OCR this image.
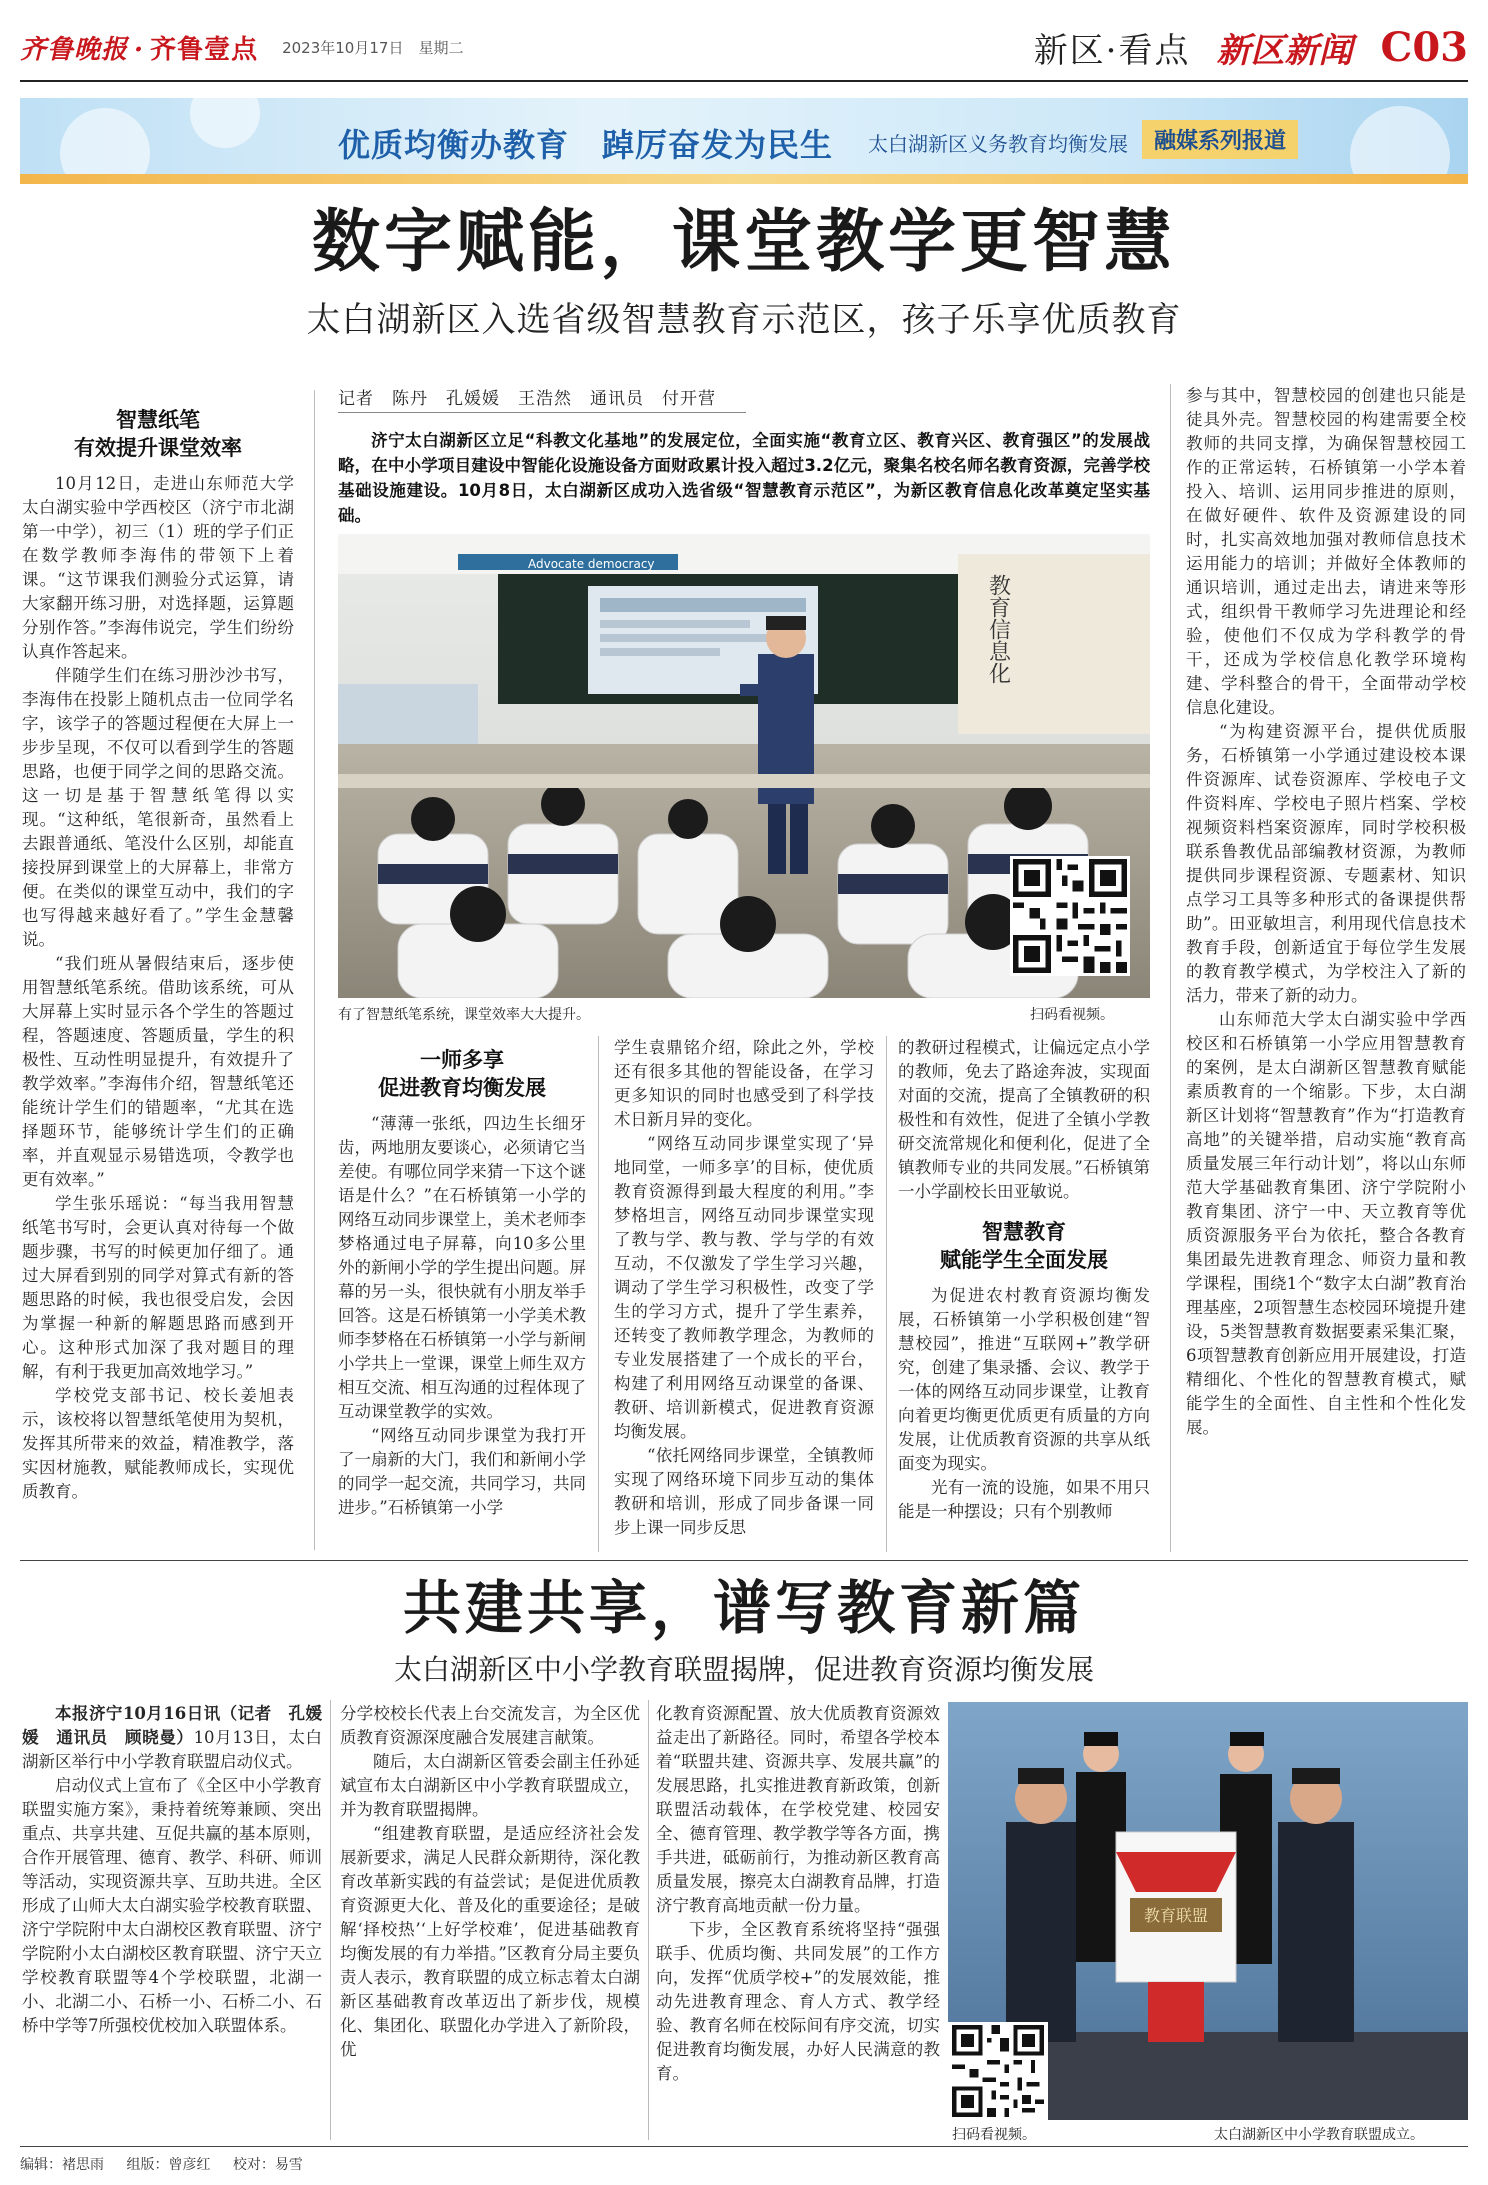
齐鲁晚报 · 齐鲁壹点 2023年10月17日　星期二	新区·看点 新区新闻 C03
优质均衡办教育　踔厉奋发为民生 太白湖新区义务教育均衡发展	融媒系列报道
数字赋能，课堂教学更智慧
太白湖新区入选省级智慧教育示范区，孩子乐享优质教育
智慧纸笔
有效提升课堂效率

10月12日，走进山东师范大学太白湖实验中学西校区（济宁市北湖第一中学），初三（1）班的学子们正在数学教师李海伟的带领下上着课。“这节课我们测验分式运算，请大家翻开练习册，对选择题，运算题分别作答。”李海伟说完，学生们纷纷认真作答起来。

伴随学生们在练习册沙沙书写，李海伟在投影上随机点击一位同学名字，该学子的答题过程便在大屏上一步步呈现，不仅可以看到学生的答题思路，也便于同学之间的思路交流。这一切是基于智慧纸笔得以实现。“这种纸，笔很新奇，虽然看上去跟普通纸、笔没什么区别，却能直接投屏到课堂上的大屏幕上，非常方便。在类似的课堂互动中，我们的字也写得越来越好看了。”学生金慧馨说。

“我们班从暑假结束后，逐步使用智慧纸笔系统。借助该系统，可从大屏幕上实时显示各个学生的答题过程，答题速度、答题质量，学生的积极性、互动性明显提升，有效提升了教学效率。”李海伟介绍，智慧纸笔还能统计学生们的错题率，“尤其在选择题环节，能够统计学生们的正确率，并直观显示易错选项，令教学也更有效率。”

学生张乐瑶说：“每当我用智慧纸笔书写时，会更认真对待每一个做题步骤，书写的时候更加仔细了。通过大屏看到别的同学对算式有新的答题思路的时候，我也很受启发，会因为掌握一种新的解题思路而感到开心。这种形式加深了我对题目的理解，有利于我更加高效地学习。”

学校党支部书记、校长姜旭表示，该校将以智慧纸笔使用为契机，发挥其所带来的效益，精准教学，落实因材施教，赋能教师成长，实现优质教育。

记者　陈丹　孔媛媛　王浩然　通讯员　付开营
济宁太白湖新区立足“科教文化基地”的发展定位，全面实施“教育立区、教育兴区、教育强区”的发展战略，在中小学项目建设中智能化设施设备方面财政累计投入超过3.2亿元，聚集名校名师名教育资源，完善学校基础设施建设。10月8日，太白湖新区成功入选省级“智慧教育示范区”，为新区教育信息化改革奠定坚实基础。
教育信息化
Advocate democracy
有了智慧纸笔系统，课堂效率大大提升。	扫码看视频。
一师多享
促进教育均衡发展

“薄薄一张纸，四边生长细牙齿，两地朋友要谈心，必须请它当差使。有哪位同学来猜一下这个谜语是什么？”在石桥镇第一小学的网络互动同步课堂上，美术老师李梦格通过电子屏幕，向10多公里外的新闸小学的学生提出问题。屏幕的另一头，很快就有小朋友举手回答。这是石桥镇第一小学美术教师李梦格在石桥镇第一小学与新闸小学共上一堂课，课堂上师生双方相互交流、相互沟通的过程体现了互动课堂教学的实效。

“网络互动同步课堂为我打开了一扇新的大门，我们和新闸小学的同学一起交流，共同学习，共同进步。”石桥镇第一小学

学生袁鼎铭介绍，除此之外，学校还有很多其他的智能设备，在学习更多知识的同时也感受到了科学技术日新月异的变化。

“网络互动同步课堂实现了‘异地同堂，一师多享’的目标，使优质教育资源得到最大程度的利用。”李梦格坦言，网络互动同步课堂实现了教与学、教与教、学与学的有效互动，不仅激发了学生学习兴趣，调动了学生学习积极性，改变了学生的学习方式，提升了学生素养，还转变了教师教学理念，为教师的专业发展搭建了一个成长的平台，构建了利用网络互动课堂的备课、教研、培训新模式，促进教育资源均衡发展。

“依托网络同步课堂，全镇教师实现了网络环境下同步互动的集体教研和培训，形成了同步备课一同步上课一同步反思

的教研过程模式，让偏远定点小学的教师，免去了路途奔波，实现面对面的交流，提高了全镇教研的积极性和有效性，促进了全镇小学教研交流常规化和便利化，促进了全镇教师专业的共同发展。”石桥镇第一小学副校长田亚敏说。

智慧教育
赋能学生全面发展

为促进农村教育资源均衡发展，石桥镇第一小学积极创建“智慧校园”，推进“互联网+”教学研究，创建了集录播、会议、教学于一体的网络互动同步课堂，让教育向着更均衡更优质更有质量的方向发展，让优质教育资源的共享从纸面变为现实。

光有一流的设施，如果不用只能是一种摆设；只有个别教师

参与其中，智慧校园的创建也只能是徒具外壳。智慧校园的构建需要全校教师的共同支撑，为确保智慧校园工作的正常运转，石桥镇第一小学本着投入、培训、运用同步推进的原则，在做好硬件、软件及资源建设的同时，扎实高效地加强对教师信息技术运用能力的培训；并做好全体教师的通识培训，通过走出去，请进来等形式，组织骨干教师学习先进理论和经验，使他们不仅成为学科教学的骨干，还成为学校信息化教学环境构建、学科整合的骨干，全面带动学校信息化建设。

“为构建资源平台，提供优质服务，石桥镇第一小学通过建设校本课件资源库、试卷资源库、学校电子文件资料库、学校电子照片档案、学校视频资料档案资源库，同时学校积极联系鲁教优品部编教材资源，为教师提供同步课程资源、专题素材、知识点学习工具等多种形式的备课提供帮助”。田亚敏坦言，利用现代信息技术教育手段，创新适宜于每位学生发展的教育教学模式，为学校注入了新的活力，带来了新的动力。

山东师范大学太白湖实验中学西校区和石桥镇第一小学应用智慧教育的案例，是太白湖新区智慧教育赋能素质教育的一个缩影。下步，太白湖新区计划将“智慧教育”作为“打造教育高地”的关键举措，启动实施“教育高质量发展三年行动计划”，将以山东师范大学基础教育集团、济宁学院附小教育集团、济宁一中、天立教育等优质资源服务平台为依托，整合各教育集团最先进教育理念、师资力量和教学课程，围绕1个“数字太白湖”教育治理基座，2项智慧生态校园环境提升建设，5类智慧教育数据要素采集汇聚，6项智慧教育创新应用开展建设，打造精细化、个性化的智慧教育模式，赋能学生的全面性、自主性和个性化发展。

共建共享，谱写教育新篇
太白湖新区中小学教育联盟揭牌，促进教育资源均衡发展

本报济宁10月16日讯（记者　孔媛媛　通讯员　顾晓曼）10月13日，太白湖新区举行中小学教育联盟启动仪式。

启动仪式上宣布了《全区中小学教育联盟实施方案》，秉持着统筹兼顾、突出重点、共享共建、互促共赢的基本原则，合作开展管理、德育、教学、科研、师训等活动，实现资源共享、互助共进。全区形成了山师大太白湖实验学校教育联盟、济宁学院附中太白湖校区教育联盟、济宁学院附小太白湖校区教育联盟、济宁天立学校教育联盟等4个学校联盟，北湖一小、北湖二小、石桥一小、石桥二小、石桥中学等7所强校优校加入联盟体系。

分学校校长代表上台交流发言，为全区优质教育资源深度融合发展建言献策。

随后，太白湖新区管委会副主任孙延斌宣布太白湖新区中小学教育联盟成立，并为教育联盟揭牌。

“组建教育联盟，是适应经济社会发展新要求，满足人民群众新期待，深化教育改革新实践的有益尝试；是促进优质教育资源更大化、普及化的重要途径；是破解‘择校热’‘上好学校难’，促进基础教育均衡发展的有力举措。”区教育分局主要负责人表示，教育联盟的成立标志着太白湖新区基础教育改革迈出了新步伐，规模化、集团化、联盟化办学进入了新阶段，优

化教育资源配置、放大优质教育资源效益走出了新路径。同时，希望各学校本着“联盟共建、资源共享、发展共赢”的发展思路，扎实推进教育新政策，创新联盟活动载体，在学校党建、校园安全、德育管理、教学教学等各方面，携手共进，砥砺前行，为推动新区教育高质量发展，擦亮太白湖教育品牌，打造济宁教育高地贡献一份力量。

下步，全区教育系统将坚持“强强联手、优质均衡、共同发展”的工作方向，发挥“优质学校+”的发展效能，推动先进教育理念、育人方式、教学经验、教育名师在校际间有序交流，切实促进教育均衡发展，办好人民满意的教育。

教育联盟
扫码看视频。	太白湖新区中小学教育联盟成立。
编辑：褚思雨 组版：曾彦红 校对：易雪
